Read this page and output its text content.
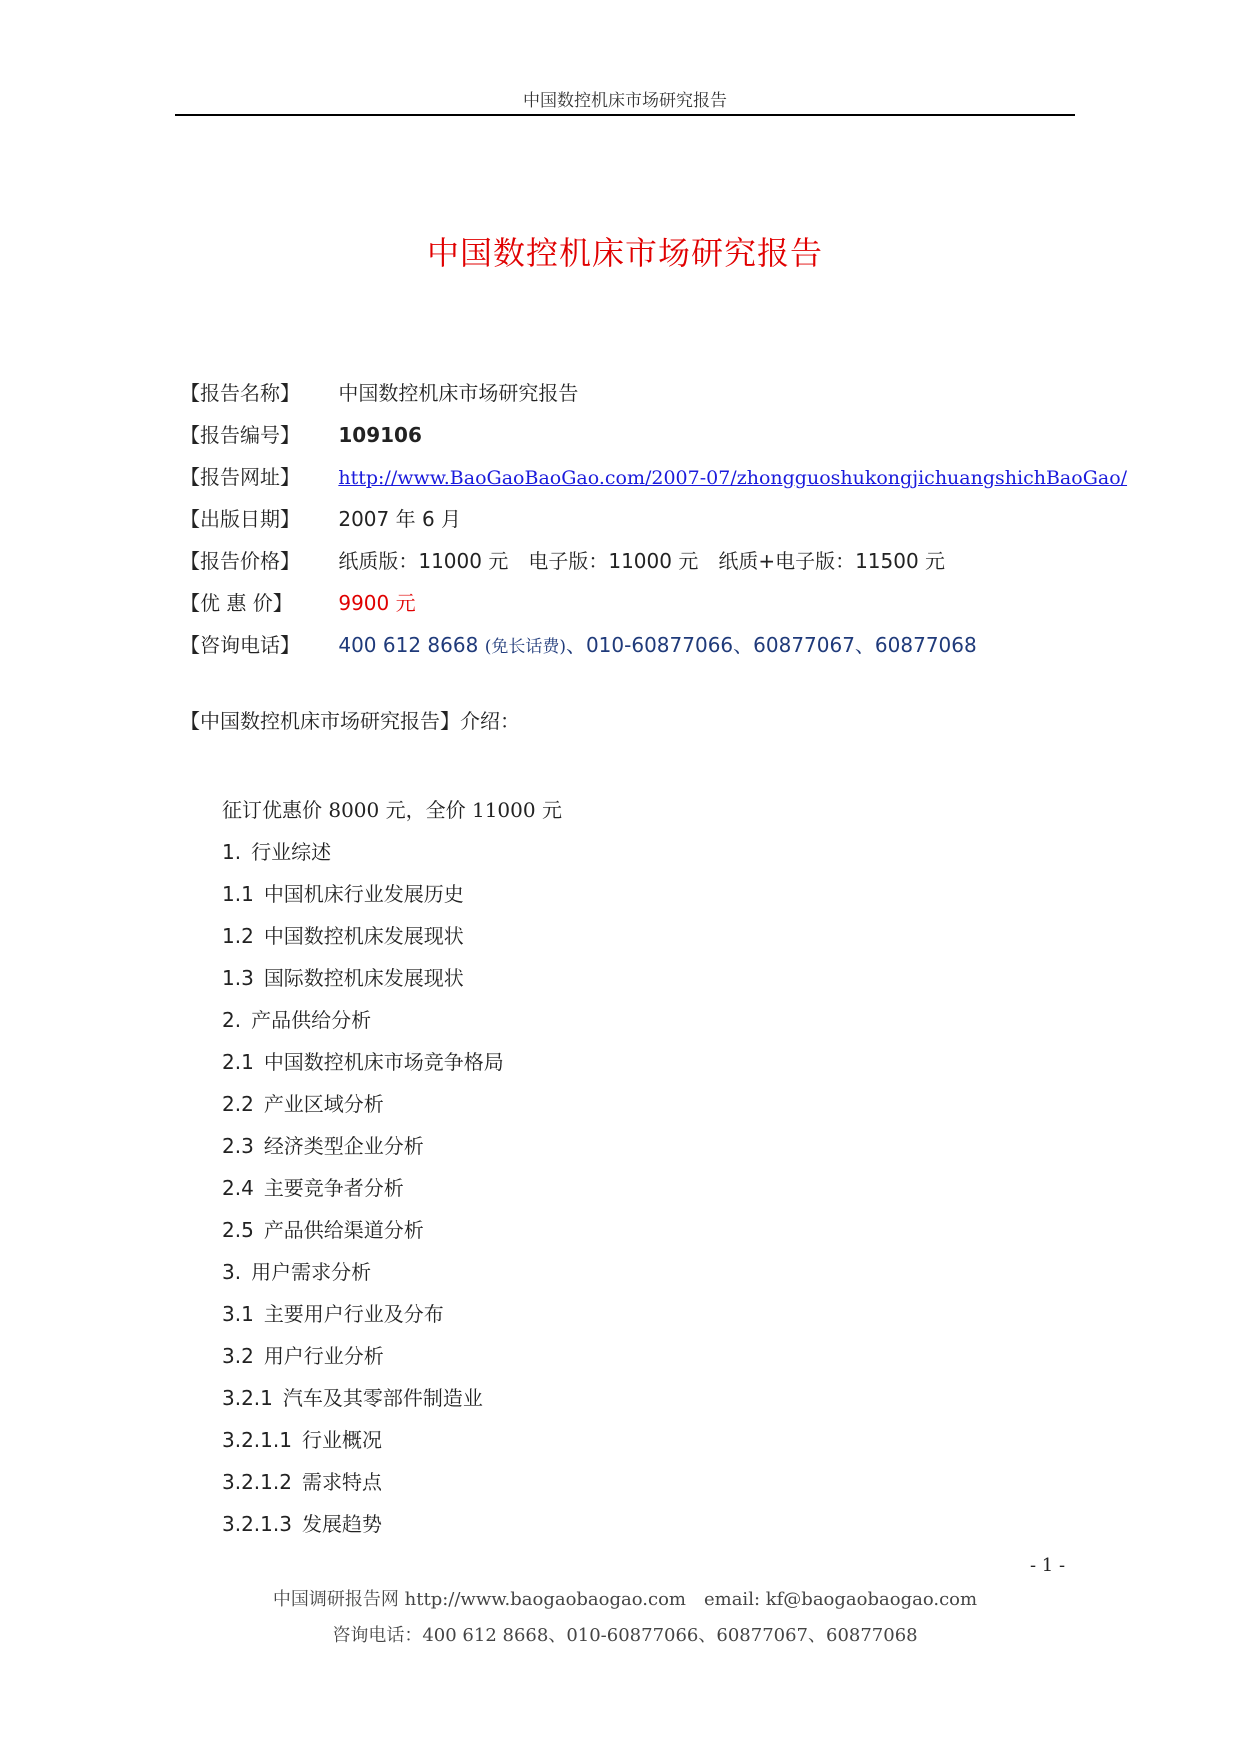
中国数控机床市场研究报告
中国数控机床市场研究报告
【报告名称】 中国数控机床市场研究报告
【报告编号】 109106
【报告网址】 http://www.BaoGaoBaoGao.com/2007-07/zhongguoshukongjichuangshichBaoGao/
【出版日期】 2007 年 6 月
【报告价格】 纸质版：11000 元　电子版：11000 元　纸质+电子版：11500 元
【优 惠 价】 9900 元
【咨询电话】 400 612 8668 (免长话费)、010-60877066、60877067、60877068
【中国数控机床市场研究报告】介绍：
征订优惠价 8000 元，全价 11000 元
1. 行业综述
1.1 中国机床行业发展历史
1.2 中国数控机床发展现状
1.3 国际数控机床发展现状
2. 产品供给分析
2.1 中国数控机床市场竞争格局
2.2 产业区域分析
2.3 经济类型企业分析
2.4 主要竞争者分析
2.5 产品供给渠道分析
3. 用户需求分析
3.1 主要用户行业及分布
3.2 用户行业分析
3.2.1 汽车及其零部件制造业
3.2.1.1 行业概况
3.2.1.2 需求特点
3.2.1.3 发展趋势
- 1 -
中国调研报告网 http://www.baogaobaogao.com　email: kf@baogaobaogao.com
咨询电话：400 612 8668、010-60877066、60877067、60877068
